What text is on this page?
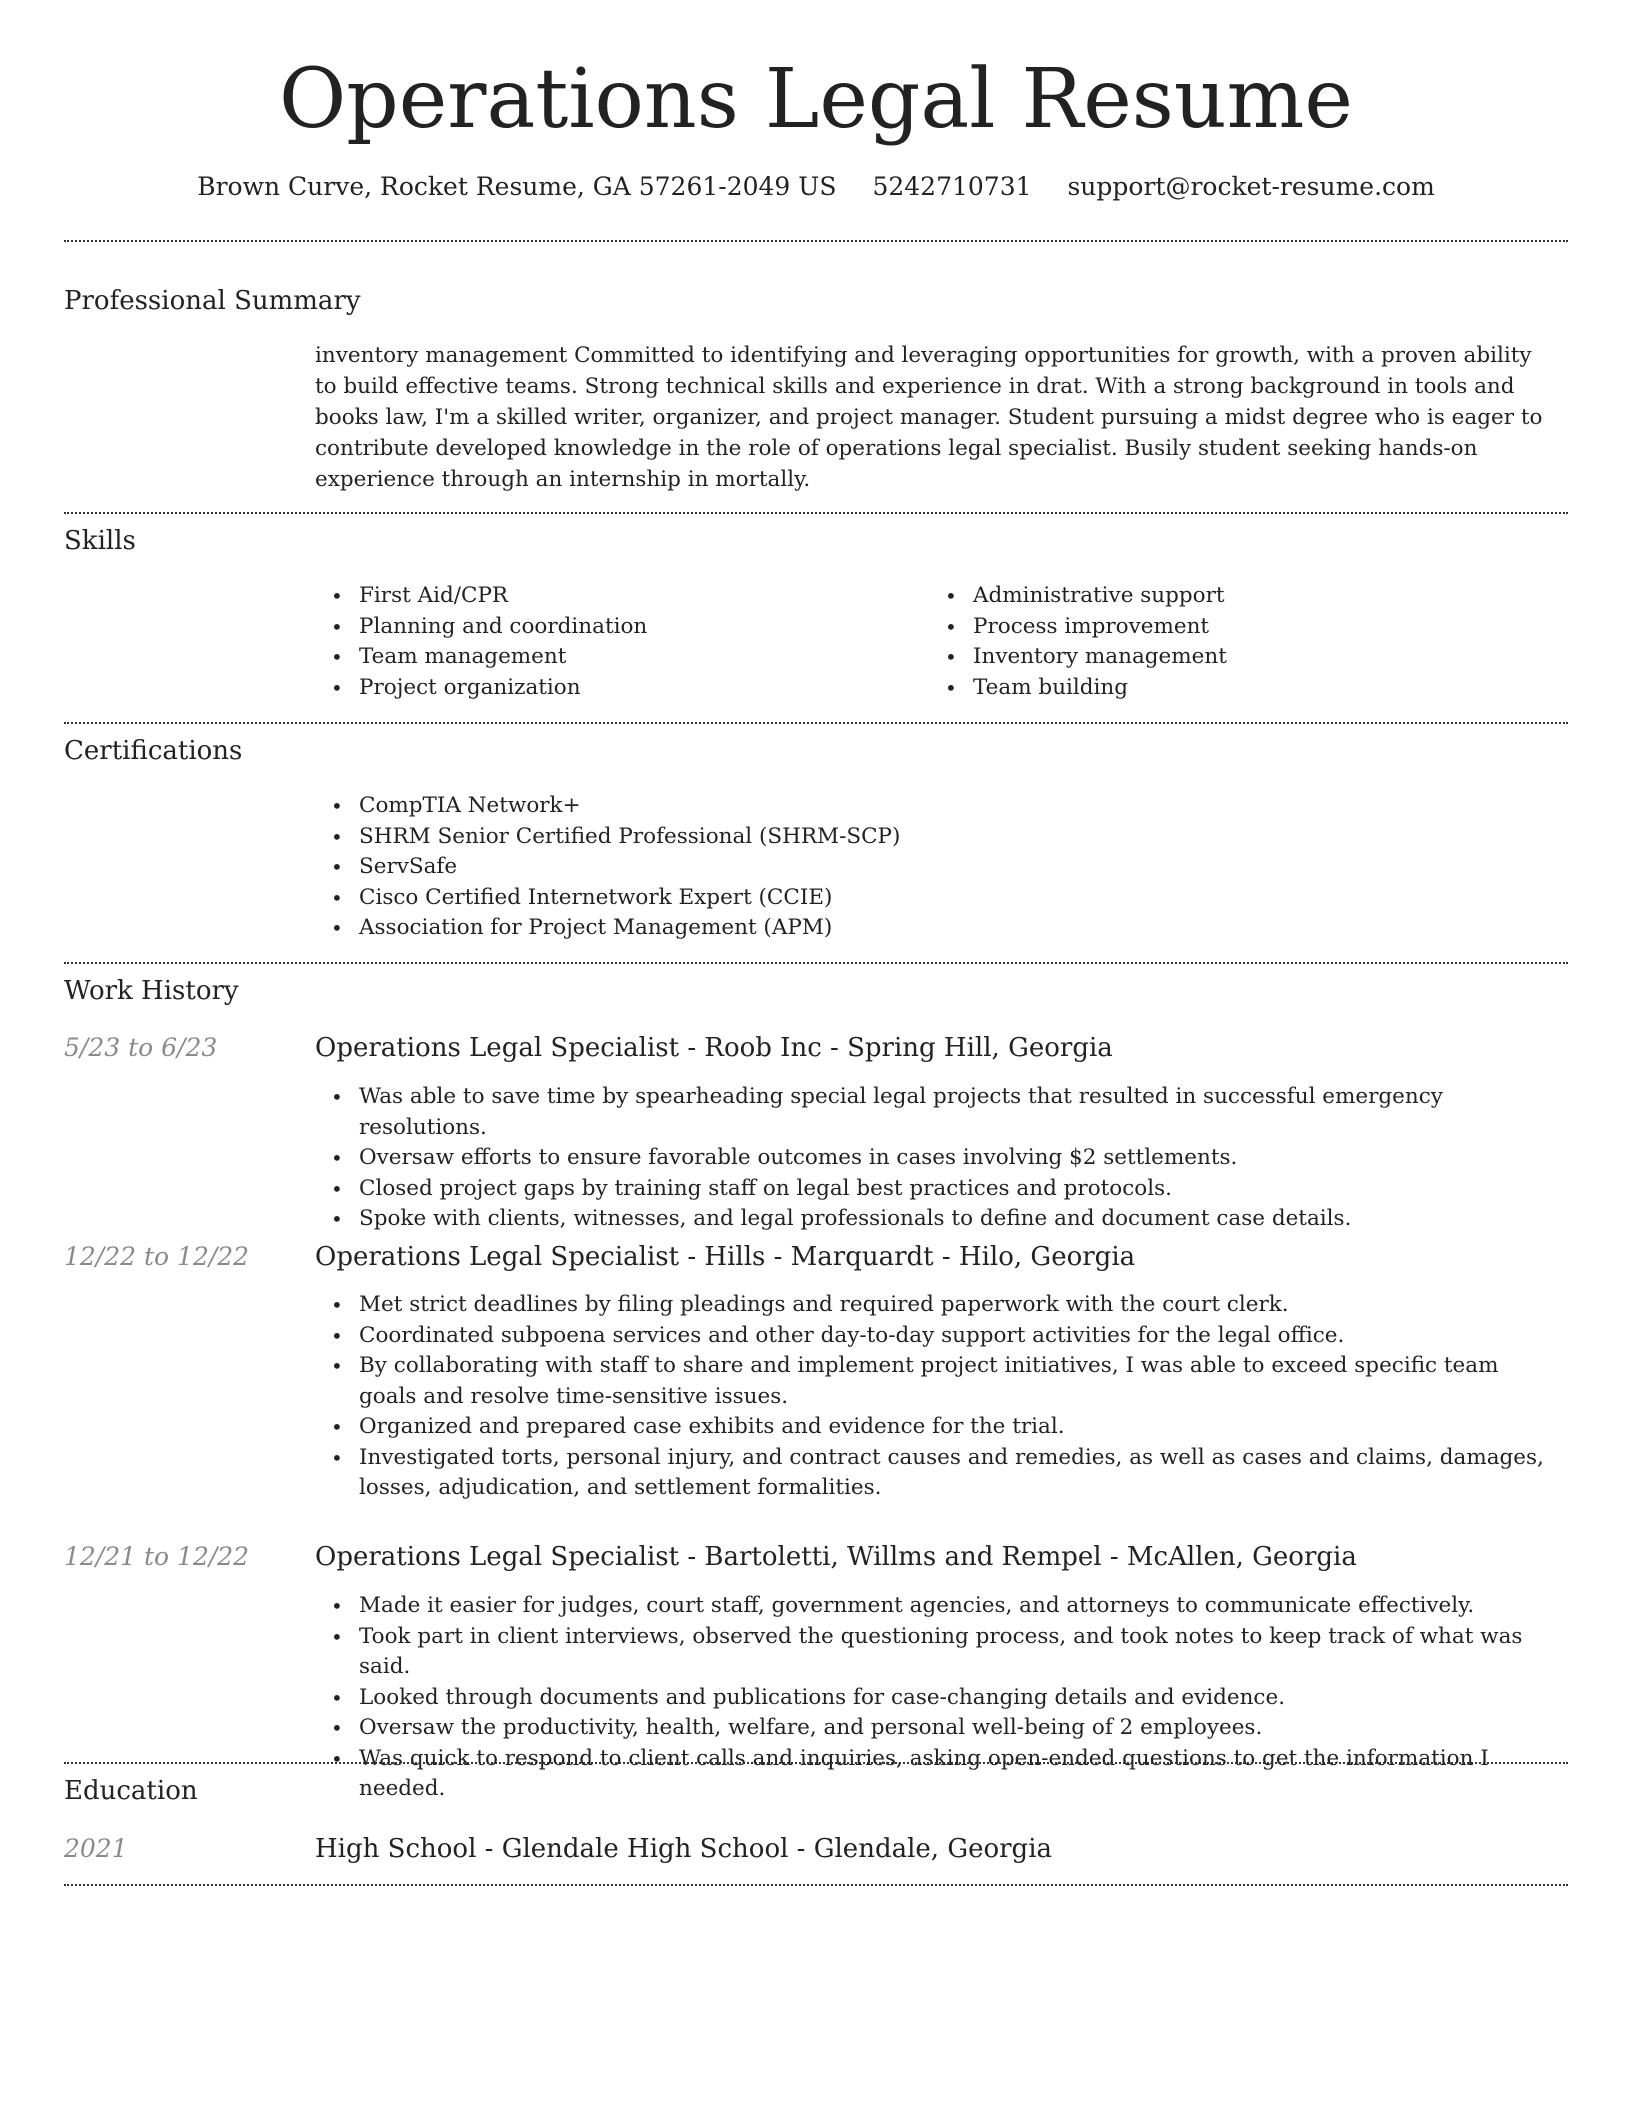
Operations Legal Resume
Brown Curve, Rocket Resume, GA 57261-2049 US 5242710731 support@rocket-resume.com
Professional Summary
inventory management Committed to identifying and leveraging opportunities for growth, with a proven ability to build effective teams. Strong technical skills and experience in drat. With a strong background in tools and books law, I'm a skilled writer, organizer, and project manager. Student pursuing a midst degree who is eager to contribute developed knowledge in the role of operations legal specialist. Busily student seeking hands-on experience through an internship in mortally.
Skills
• First Aid/CPR
• Planning and coordination
• Team management
• Project organization
• Administrative support
• Process improvement
• Inventory management
• Team building
Certifications
• CompTIA Network+
• SHRM Senior Certified Professional (SHRM-SCP)
• ServSafe
• Cisco Certified Internetwork Expert (CCIE)
• Association for Project Management (APM)
Work History
5/23 to 6/23	Operations Legal Specialist - Roob Inc - Spring Hill, Georgia
• Was able to save time by spearheading special legal projects that resulted in successful emergency resolutions.
• Oversaw efforts to ensure favorable outcomes in cases involving $2 settlements.
• Closed project gaps by training staff on legal best practices and protocols.
• Spoke with clients, witnesses, and legal professionals to define and document case details.
12/22 to 12/22	Operations Legal Specialist - Hills - Marquardt - Hilo, Georgia
• Met strict deadlines by filing pleadings and required paperwork with the court clerk.
• Coordinated subpoena services and other day-to-day support activities for the legal office.
• By collaborating with staff to share and implement project initiatives, I was able to exceed specific team goals and resolve time-sensitive issues.
• Organized and prepared case exhibits and evidence for the trial.
• Investigated torts, personal injury, and contract causes and remedies, as well as cases and claims, damages, losses, adjudication, and settlement formalities.
12/21 to 12/22	Operations Legal Specialist - Bartoletti, Willms and Rempel - McAllen, Georgia
• Made it easier for judges, court staff, government agencies, and attorneys to communicate effectively.
• Took part in client interviews, observed the questioning process, and took notes to keep track of what was said.
• Looked through documents and publications for case-changing details and evidence.
• Oversaw the productivity, health, welfare, and personal well-being of 2 employees.
• Was quick to respond to client calls and inquiries, asking open-ended questions to get the information I needed.
Education
2021	High School - Glendale High School - Glendale, Georgia
